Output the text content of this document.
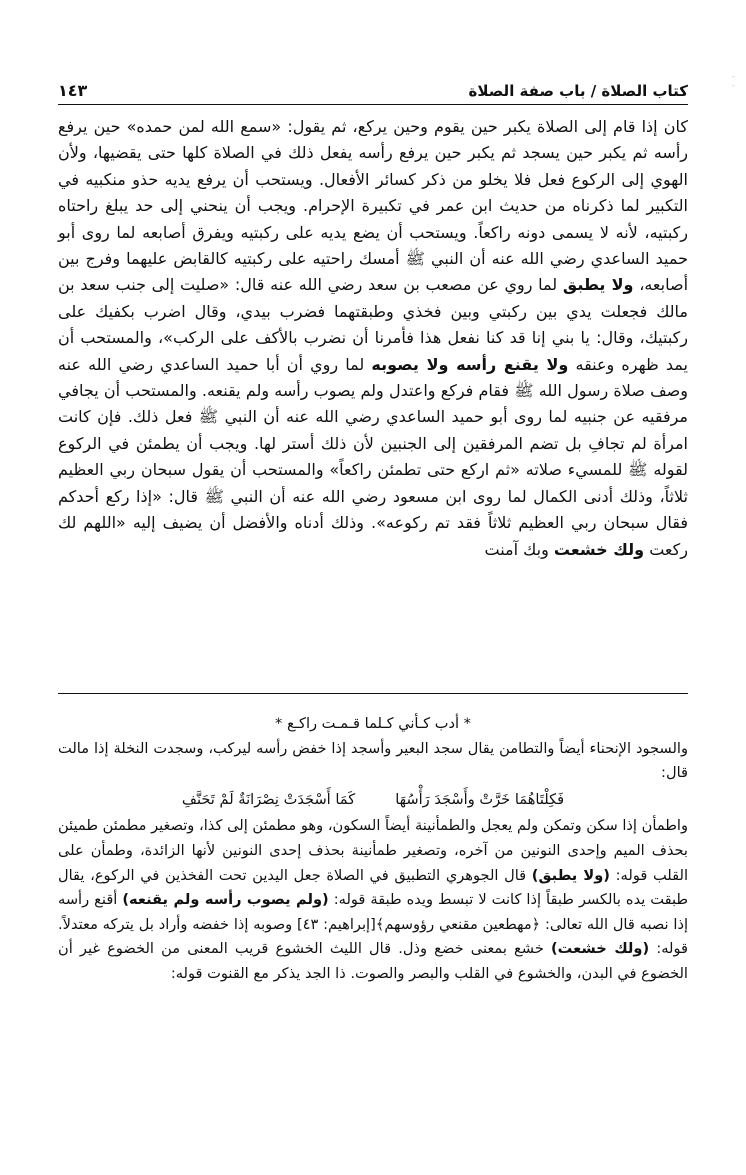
- -
كتاب الصلاة / باب صفة الصلاة
١٤٣

كان إذا قام إلى الصلاة يكبر حين يقوم وحين يركع، ثم يقول: «سمع الله لمن حمده» حين يرفع رأسه ثم يكبر حين يسجد ثم يكبر حين يرفع رأسه يفعل ذلك في الصلاة كلها حتى يقضيها، ولأن الهوي إلى الركوع فعل فلا يخلو من ذكر كسائر الأفعال. ويستحب أن يرفع يديه حذو منكبيه في التكبير لما ذكرناه من حديث ابن عمر في تكبيرة الإحرام. ويجب أن ينحني إلى حد يبلغ راحتاه ركبتيه، لأنه لا يسمى دونه راكعاً. ويستحب أن يضع يديه على ركبتيه ويفرق أصابعه لما روى أبو حميد الساعدي رضي الله عنه أن النبي ﷺ أمسك راحتيه على ركبتيه كالقابض عليهما وفرج بين أصابعه، ولا يطبق لما روي عن مصعب بن سعد رضي الله عنه قال: «صليت إلى جنب سعد بن مالك فجعلت يدي بين ركبتي وبين فخذي وطبقتهما فضرب بيدي، وقال اضرب بكفيك على ركبتيك، وقال: يا بني إنا قد كنا نفعل هذا فأمرنا أن نضرب بالأكف على الركب»، والمستحب أن يمد ظهره وعنقه ولا يقنع رأسه ولا يصوبه لما روي أن أبا حميد الساعدي رضي الله عنه وصف صلاة رسول الله ﷺ فقام فركع واعتدل ولم يصوب رأسه ولم يقنعه. والمستحب أن يجافي مرفقيه عن جنبيه لما روى أبو حميد الساعدي رضي الله عنه أن النبي ﷺ فعل ذلك. فإن كانت امرأة لم تجافِ بل تضم المرفقين إلى الجنبين لأن ذلك أستر لها. ويجب أن يطمئن في الركوع لقوله ﷺ للمسيء صلاته «ثم اركع حتى تطمئن راكعاً» والمستحب أن يقول سبحان ربي العظيم ثلاثاً، وذلك أدنى الكمال لما روى ابن مسعود رضي الله عنه أن النبي ﷺ قال: «إذا ركع أحدكم فقال سبحان ربي العظيم ثلاثاً فقد تم ركوعه». وذلك أدناه والأفضل أن يضيف إليه «اللهم لك ركعت ولك خشعت وبك آمنت

* أدب كـأني كـلما قـمـت راكـع *

والسجود الإنحناء أيضاً والتطامن يقال سجد البعير وأسجد إذا خفض رأسه ليركب، وسجدت النخلة إذا مالت قال:

فَكِلْتَاهُمَا خَرَّتْ وأَسْجَدَ رَأْسُهَا
كَمَا أَسْجَدَتْ نِصْرَانَةٌ لَمْ تَحَنَّفِ

واطمأن إذا سكن وتمكن ولم يعجل والطمأنينة أيضاً السكون، وهو مطمئن إلى كذا، وتصغير مطمئن طميئن بحذف الميم وإحدى النونين من آخره، وتصغير طمأنينة بحذف إحدى النونين لأنها الزائدة، وطمأن على القلب قوله: (ولا يطبق) قال الجوهري التطبيق في الصلاة جعل اليدين تحت الفخذين في الركوع، يقال طبقت يده بالكسر طبقاً إذا كانت لا تبسط ويده طبقة قوله: (ولم يصوب رأسه ولم يقنعه) أقنع رأسه إذا نصبه قال الله تعالى: ﴿مهطعين مقنعي رؤوسهم﴾[إبراهيم: ٤٣] وصوبه إذا خفضه وأراد بل يتركه معتدلاً. قوله: (ولك خشعت) خشع بمعنى خضع وذل. قال الليث الخشوع قريب المعنى من الخضوع غير أن الخضوع في البدن، والخشوع في القلب والبصر والصوت. ذا الجد يذكر مع القنوت قوله:
